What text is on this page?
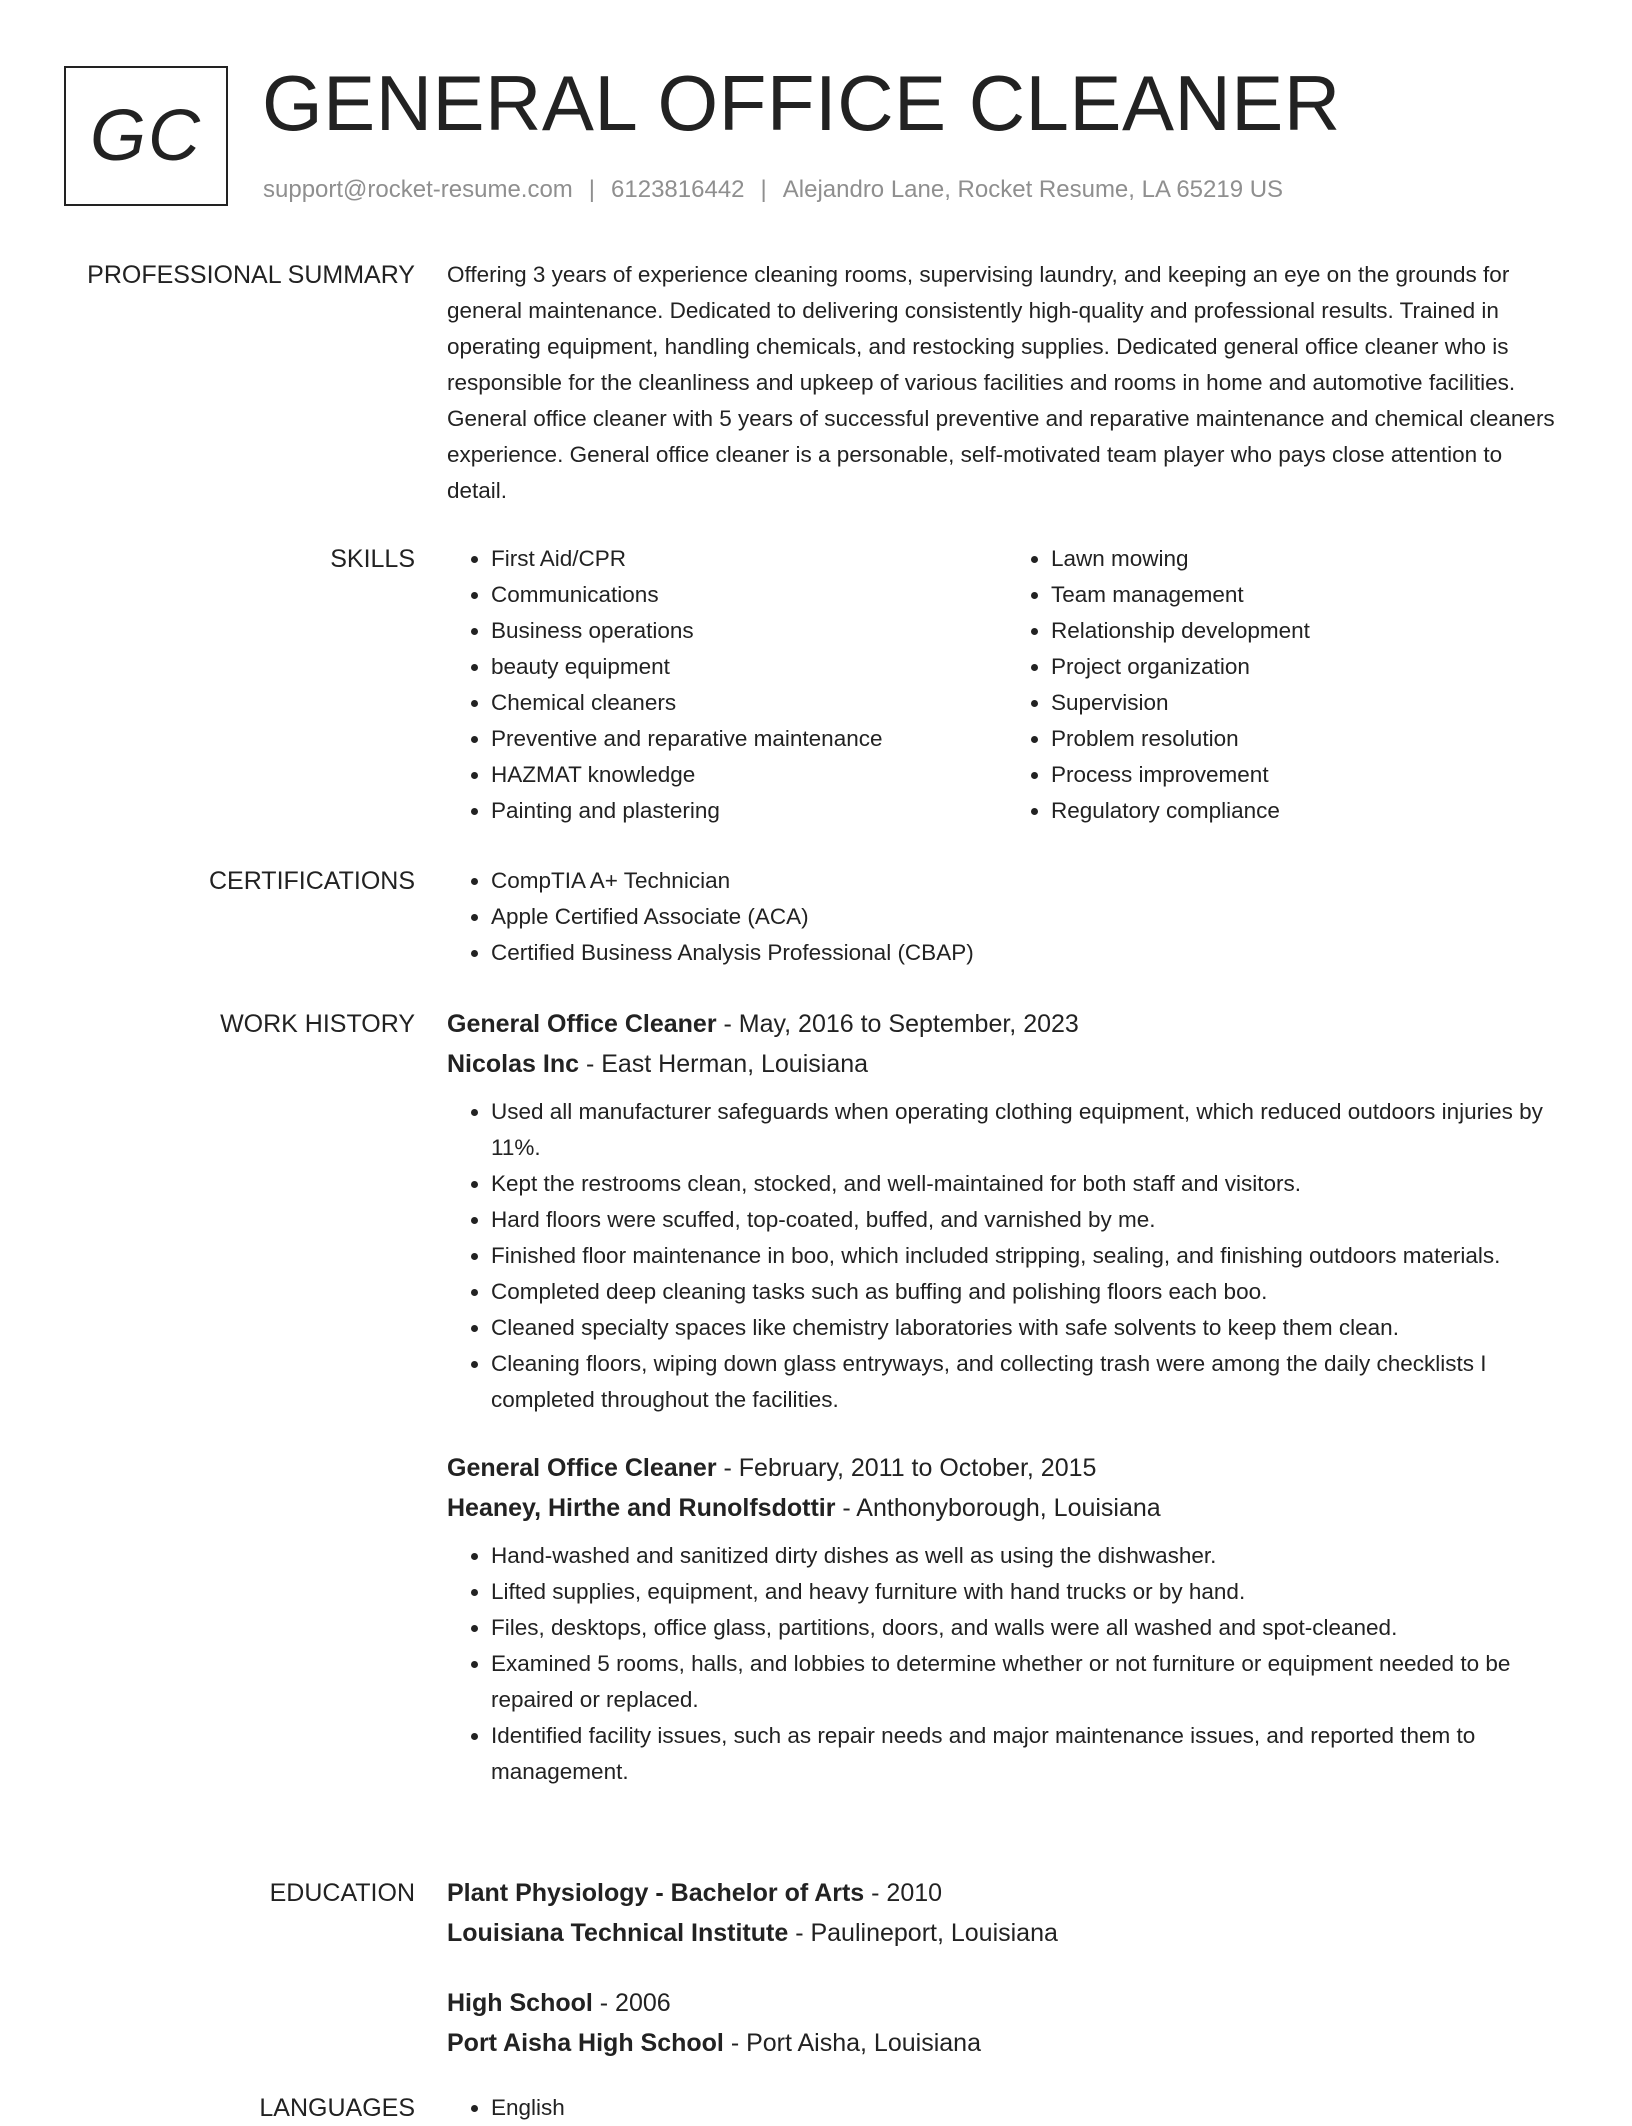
GC GENERAL OFFICE CLEANER
support@rocket-resume.com | 6123816442 | Alejandro Lane, Rocket Resume, LA 65219 US
PROFESSIONAL SUMMARY Offering 3 years of experience cleaning rooms, supervising laundry, and keeping an eye on the grounds for general maintenance. Dedicated to delivering consistently high-quality and professional results. Trained in operating equipment, handling chemicals, and restocking supplies. Dedicated general office cleaner who is responsible for the cleanliness and upkeep of various facilities and rooms in home and automotive facilities. General office cleaner with 5 years of successful preventive and reparative maintenance and chemical cleaners experience. General office cleaner is a personable, self-motivated team player who pays close attention to detail.
SKILLS	• First Aid/CPR
• Communications
• Business operations
• beauty equipment
• Chemical cleaners
• Preventive and reparative maintenance
• HAZMAT knowledge
• Painting and plastering
• Lawn mowing
• Team management
• Relationship development
• Project organization
• Supervision
• Problem resolution
• Process improvement
• Regulatory compliance
CERTIFICATIONS	• CompTIA A+ Technician
• Apple Certified Associate (ACA)
• Certified Business Analysis Professional (CBAP)
WORK HISTORY General Office Cleaner - May, 2016 to September, 2023
Nicolas Inc - East Herman, Louisiana
• Used all manufacturer safeguards when operating clothing equipment, which reduced outdoors injuries by 11%.
• Kept the restrooms clean, stocked, and well-maintained for both staff and visitors.
• Hard floors were scuffed, top-coated, buffed, and varnished by me.
• Finished floor maintenance in boo, which included stripping, sealing, and finishing outdoors materials.
• Completed deep cleaning tasks such as buffing and polishing floors each boo.
• Cleaned specialty spaces like chemistry laboratories with safe solvents to keep them clean.
• Cleaning floors, wiping down glass entryways, and collecting trash were among the daily checklists I completed throughout the facilities.
General Office Cleaner - February, 2011 to October, 2015
Heaney, Hirthe and Runolfsdottir - Anthonyborough, Louisiana
• Hand-washed and sanitized dirty dishes as well as using the dishwasher.
• Lifted supplies, equipment, and heavy furniture with hand trucks or by hand.
• Files, desktops, office glass, partitions, doors, and walls were all washed and spot-cleaned.
• Examined 5 rooms, halls, and lobbies to determine whether or not furniture or equipment needed to be repaired or replaced.
• Identified facility issues, such as repair needs and major maintenance issues, and reported them to management.
EDUCATION Plant Physiology - Bachelor of Arts - 2010
Louisiana Technical Institute - Paulineport, Louisiana
High School - 2006
Port Aisha High School - Port Aisha, Louisiana
LANGUAGES	• English
